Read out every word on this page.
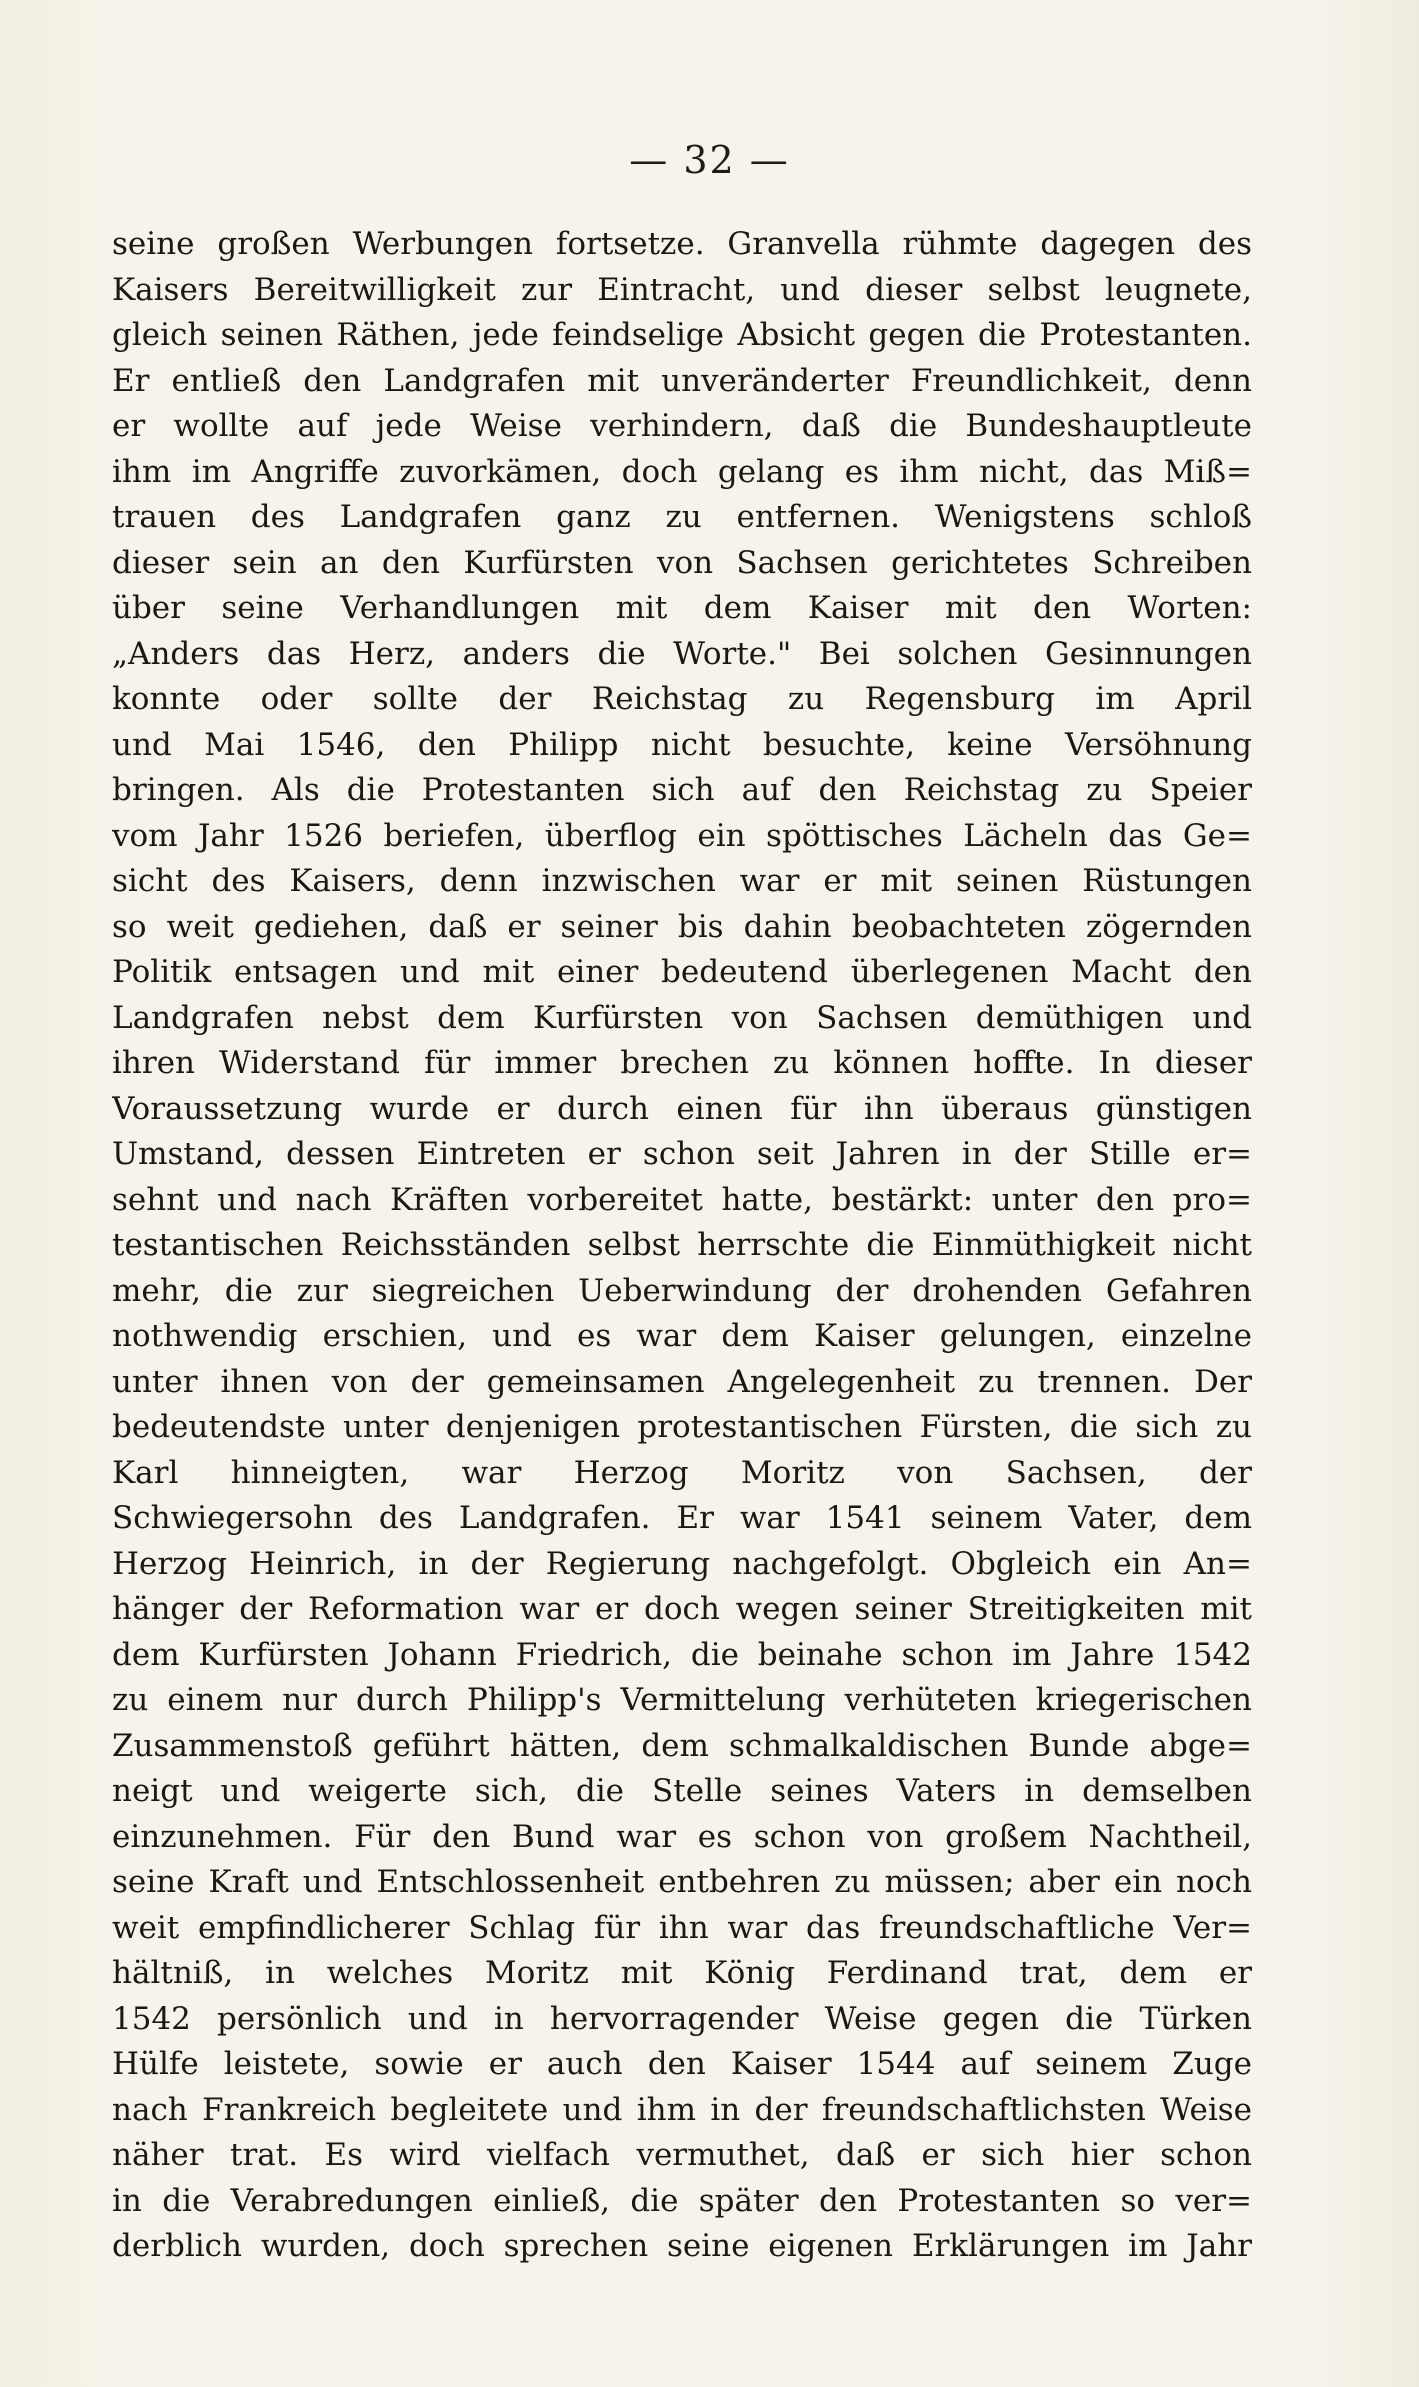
— 32 —
seine großen Werbungen fortsetze. Granvella rühmte dagegen des
Kaisers Bereitwilligkeit zur Eintracht, und dieser selbst leugnete,
gleich seinen Räthen, jede feindselige Absicht gegen die Protestanten.
Er entließ den Landgrafen mit unveränderter Freundlichkeit, denn
er wollte auf jede Weise verhindern, daß die Bundeshauptleute
ihm im Angriffe zuvorkämen, doch gelang es ihm nicht, das Miß=
trauen des Landgrafen ganz zu entfernen. Wenigstens schloß
dieser sein an den Kurfürsten von Sachsen gerichtetes Schreiben
über seine Verhandlungen mit dem Kaiser mit den Worten:
„Anders das Herz, anders die Worte." Bei solchen Gesinnungen
konnte oder sollte der Reichstag zu Regensburg im April
und Mai 1546, den Philipp nicht besuchte, keine Versöhnung
bringen. Als die Protestanten sich auf den Reichstag zu Speier
vom Jahr 1526 beriefen, überflog ein spöttisches Lächeln das Ge=
sicht des Kaisers, denn inzwischen war er mit seinen Rüstungen
so weit gediehen, daß er seiner bis dahin beobachteten zögernden
Politik entsagen und mit einer bedeutend überlegenen Macht den
Landgrafen nebst dem Kurfürsten von Sachsen demüthigen und
ihren Widerstand für immer brechen zu können hoffte. In dieser
Voraussetzung wurde er durch einen für ihn überaus günstigen
Umstand, dessen Eintreten er schon seit Jahren in der Stille er=
sehnt und nach Kräften vorbereitet hatte, bestärkt: unter den pro=
testantischen Reichsständen selbst herrschte die Einmüthigkeit nicht
mehr, die zur siegreichen Ueberwindung der drohenden Gefahren
nothwendig erschien, und es war dem Kaiser gelungen, einzelne
unter ihnen von der gemeinsamen Angelegenheit zu trennen. Der
bedeutendste unter denjenigen protestantischen Fürsten, die sich zu
Karl hinneigten, war Herzog Moritz von Sachsen, der
Schwiegersohn des Landgrafen. Er war 1541 seinem Vater, dem
Herzog Heinrich, in der Regierung nachgefolgt. Obgleich ein An=
hänger der Reformation war er doch wegen seiner Streitigkeiten mit
dem Kurfürsten Johann Friedrich, die beinahe schon im Jahre 1542
zu einem nur durch Philipp's Vermittelung verhüteten kriegerischen
Zusammenstoß geführt hätten, dem schmalkaldischen Bunde abge=
neigt und weigerte sich, die Stelle seines Vaters in demselben
einzunehmen. Für den Bund war es schon von großem Nachtheil,
seine Kraft und Entschlossenheit entbehren zu müssen; aber ein noch
weit empfindlicherer Schlag für ihn war das freundschaftliche Ver=
hältniß, in welches Moritz mit König Ferdinand trat, dem er
1542 persönlich und in hervorragender Weise gegen die Türken
Hülfe leistete, sowie er auch den Kaiser 1544 auf seinem Zuge
nach Frankreich begleitete und ihm in der freundschaftlichsten Weise
näher trat. Es wird vielfach vermuthet, daß er sich hier schon
in die Verabredungen einließ, die später den Protestanten so ver=
derblich wurden, doch sprechen seine eigenen Erklärungen im Jahr
